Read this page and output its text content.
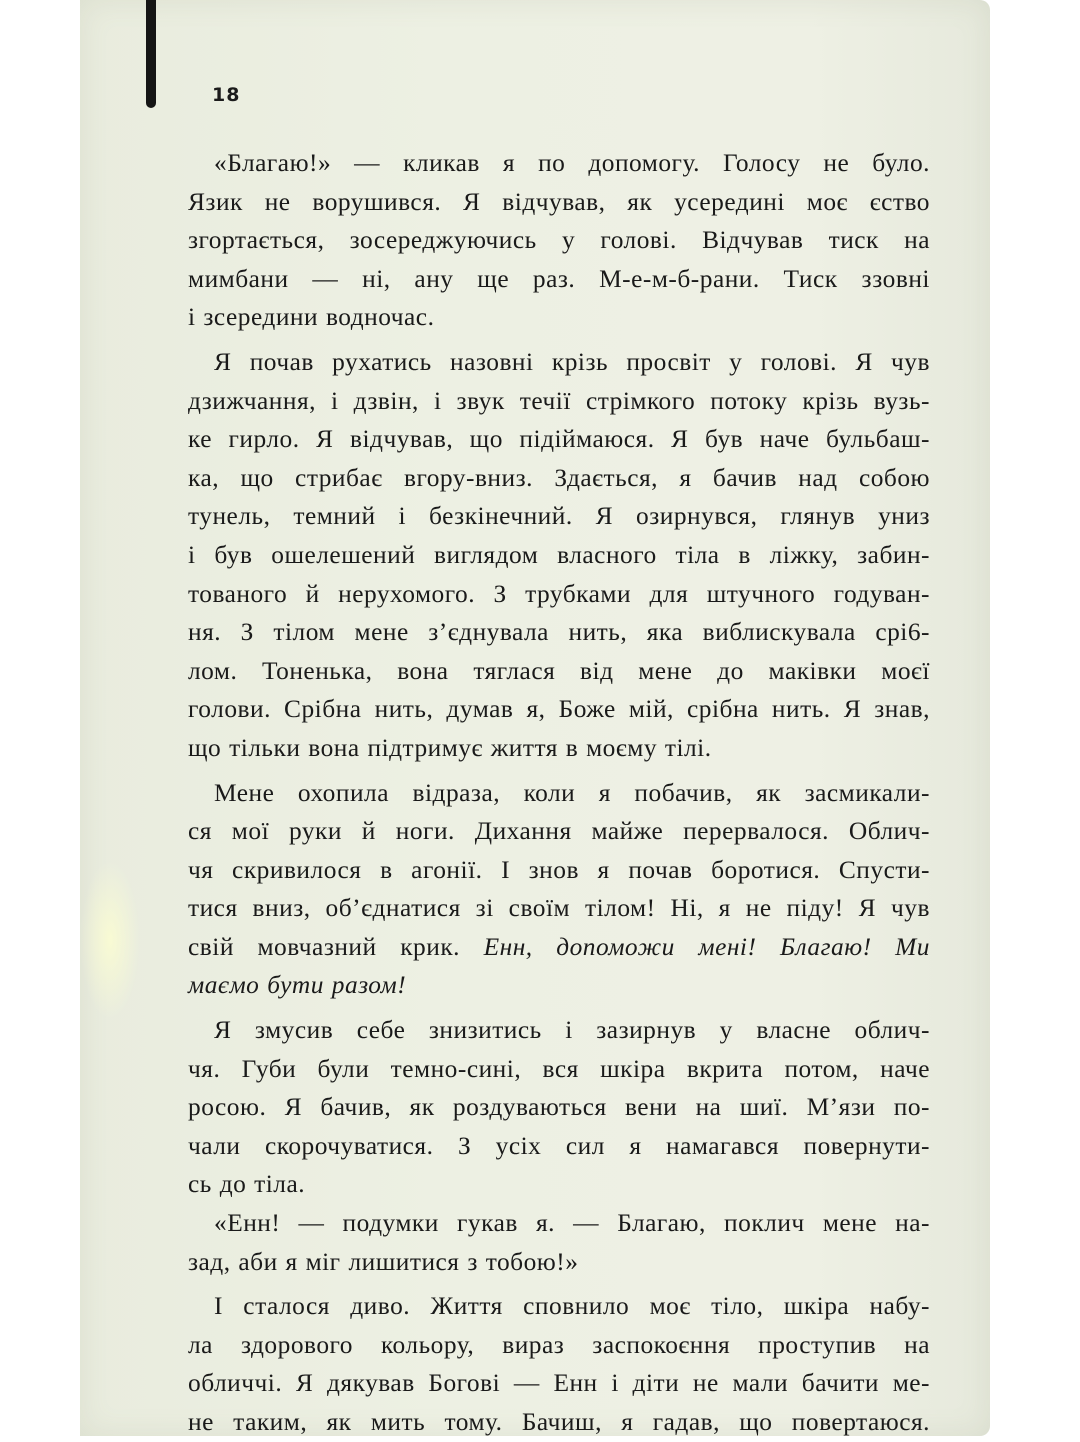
18
«Благаю!» — кликав я по допомогу. Голосу не було.
Язик не ворушився. Я відчував, як усередині моє єство
згортається, зосереджуючись у голові. Відчував тиск на
мимбани — ні, ану ще раз. М-е-м-б-рани. Тиск ззовні
і зсередини водночас.
Я почав рухатись назовні крізь просвіт у голові. Я чув
дзижчання, і дзвін, і звук течії стрімкого потоку крізь вузь-
ке гирло. Я відчував, що підіймаюся. Я був наче бульбаш-
ка, що стрибає вгору-вниз. Здається, я бачив над собою
тунель, темний і безкінечний. Я озирнувся, глянув униз
і був ошелешений виглядом власного тіла в ліжку, забин-
тованого й нерухомого. З трубками для штучного годуван-
ня. З тілом мене з’єднувала нить, яка виблискувала срі6-
лом. Тоненька, вона тяглася від мене до маківки моєї
голови. Срібна нить, думав я, Боже мій, срібна нить. Я знав,
що тільки вона підтримує життя в моєму тілі.
Мене охопила відраза, коли я побачив, як засмикали-
ся мої руки й ноги. Дихання майже перервалося. Облич-
чя скривилося в агонії. І знов я почав боротися. Спусти-
тися вниз, об’єднатися зі своїм тілом! Ні, я не піду! Я чув
свій мовчазний крик. Енн, допоможи мені! Благаю! Ми
маємо бути разом!
Я змусив себе знизитись і зазирнув у власне облич-
чя. Губи були темно-сині, вся шкіра вкрита потом, наче
росою. Я бачив, як роздуваються вени на шиї. М’язи по-
чали скорочуватися. З усіх сил я намагався повернути-
сь до тіла.
«Енн! — подумки гукав я. — Благаю, поклич мене на-
зад, аби я міг лишитися з тобою!»
І сталося диво. Життя сповнило моє тіло, шкіра набу-
ла здорового кольору, вираз заспокоєння проступив на
обличчі. Я дякував Богові — Енн і діти не мали бачити ме-
не таким, як мить тому. Бачиш, я гадав, що повертаюся.
